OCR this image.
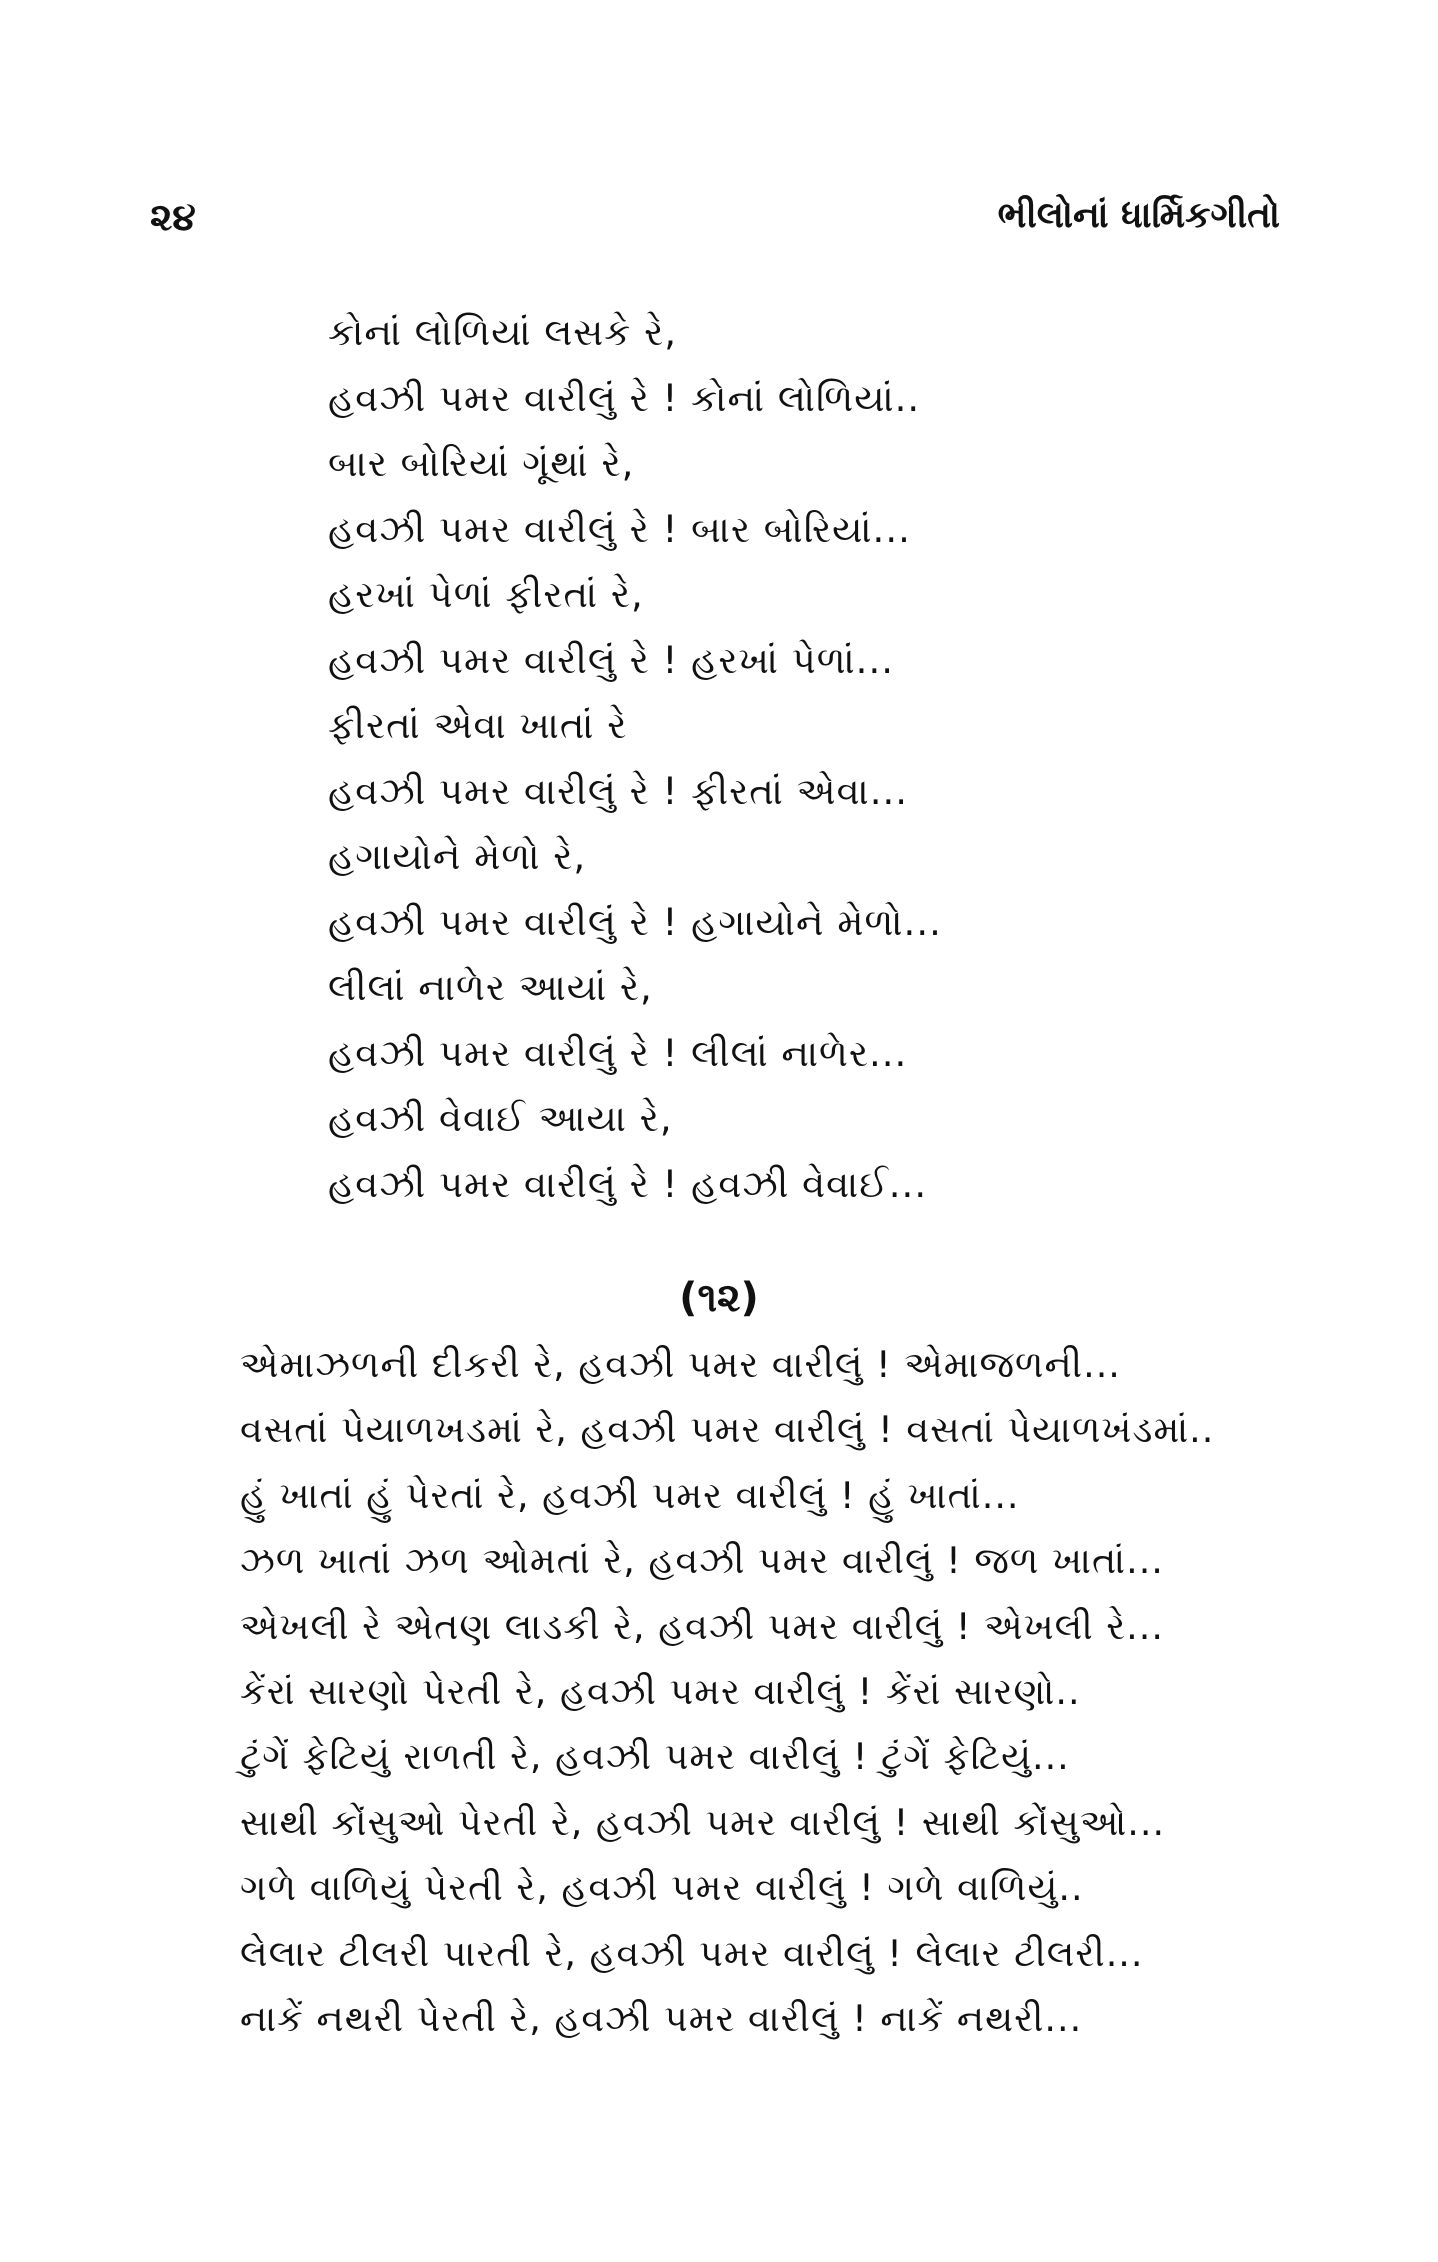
૨૪	ભીલોનાં ધાર્મિકગીતો
કોનાં લોળિયાં લસકે રે,
હવઝી પમર વારીલું રે ! કોનાં લોળિયાં..
બાર બોરિયાં ગૂંથાં રે,
હવઝી પમર વારીલું રે ! બાર બોરિયાં...
હરખાં પેળાં ફીરતાં રે,
હવઝી પમર વારીલું રે ! હરખાં પેળાં...
ફીરતાં એવા ખાતાં રે
હવઝી પમર વારીલું રે ! ફીરતાં એવા...
હગાયોને મેળો રે,
હવઝી પમર વારીલું રે ! હગાયોને મેળો...
લીલાં નાળેર આયાં રે,
હવઝી પમર વારીલું રે ! લીલાં નાળેર...
હવઝી વેવાઈ આયા રે,
હવઝી પમર વારીલું રે ! હવઝી વેવાઈ...
(૧૨)
એમાઝળની દીકરી રે, હવઝી પમર વારીલું ! એમાજળની...
વસતાં પેયાળખડમાં રે, હવઝી પમર વારીલું ! વસતાં પેયાળખંડમાં..
હું ખાતાં હું પેરતાં રે, હવઝી પમર વારીલું ! હું ખાતાં...
ઝળ ખાતાં ઝળ ઓમતાં રે, હવઝી પમર વારીલું ! જળ ખાતાં...
એખલી રે એતણ લાડકી રે, હવઝી પમર વારીલું ! એખલી રે...
કેંરાં સારણો પેરતી રે, હવઝી પમર વારીલું ! કેંરાં સારણો..
ટુંગેં ફેટિયું રાળતી રે, હવઝી પમર વારીલું ! ટુંગેં ફેટિયું...
સાથી કોંસુઓ પેરતી રે, હવઝી પમર વારીલું ! સાથી કોંસુઓ...
ગળે વાળિયું પેરતી રે, હવઝી પમર વારીલું ! ગળે વાળિયું..
લેલાર ટીલરી પારતી રે, હવઝી પમર વારીલું ! લેલાર ટીલરી...
નાકેં નથરી પેરતી રે, હવઝી પમર વારીલું ! નાકેં નથરી...
